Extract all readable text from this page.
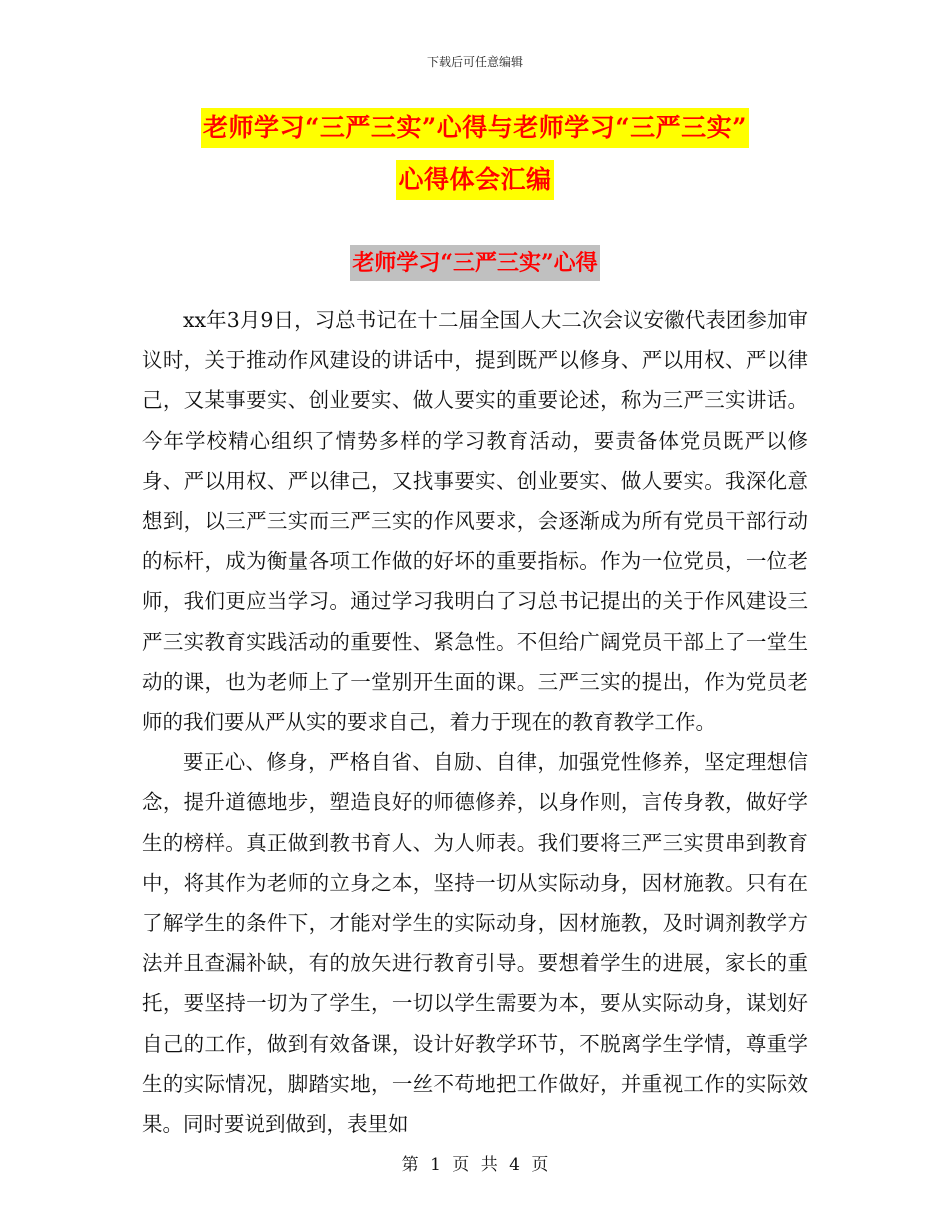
下载后可任意编辑
老师学习“三严三实”心得与老师学习“三严三实”
心得体会汇编
老师学习“三严三实”心得

xx年3月9日，习总书记在十二届全国人大二次会议安徽代表团参加审议时，关于推动作风建设的讲话中，提到既严以修身、严以用权、严以律己，又某事要实、创业要实、做人要实的重要论述，称为三严三实讲话。今年学校精心组织了情势多样的学习教育活动，要责备体党员既严以修身、严以用权、严以律己，又找事要实、创业要实、做人要实。我深化意想到，以三严三实而三严三实的作风要求，会逐渐成为所有党员干部行动的标杆，成为衡量各项工作做的好坏的重要指标。作为一位党员，一位老师，我们更应当学习。通过学习我明白了习总书记提出的关于作风建设三严三实教育实践活动的重要性、紧急性。不但给广阔党员干部上了一堂生动的课，也为老师上了一堂别开生面的课。三严三实的提出，作为党员老师的我们要从严从实的要求自己，着力于现在的教育教学工作。

要正心、修身，严格自省、自励、自律，加强党性修养，坚定理想信念，提升道德地步，塑造良好的师德修养，以身作则，言传身教，做好学生的榜样。真正做到教书育人、为人师表。我们要将三严三实贯串到教育中，将其作为老师的立身之本，坚持一切从实际动身，因材施教。只有在了解学生的条件下，才能对学生的实际动身，因材施教，及时调剂教学方法并且查漏补缺，有的放矢进行教育引导。要想着学生的进展，家长的重托，要坚持一切为了学生，一切以学生需要为本，要从实际动身，谋划好自己的工作，做到有效备课，设计好教学环节，不脱离学生学情，尊重学生的实际情况，脚踏实地，一丝不苟地把工作做好，并重视工作的实际效果。同时要说到做到，表里如

第 1 页 共 4 页
